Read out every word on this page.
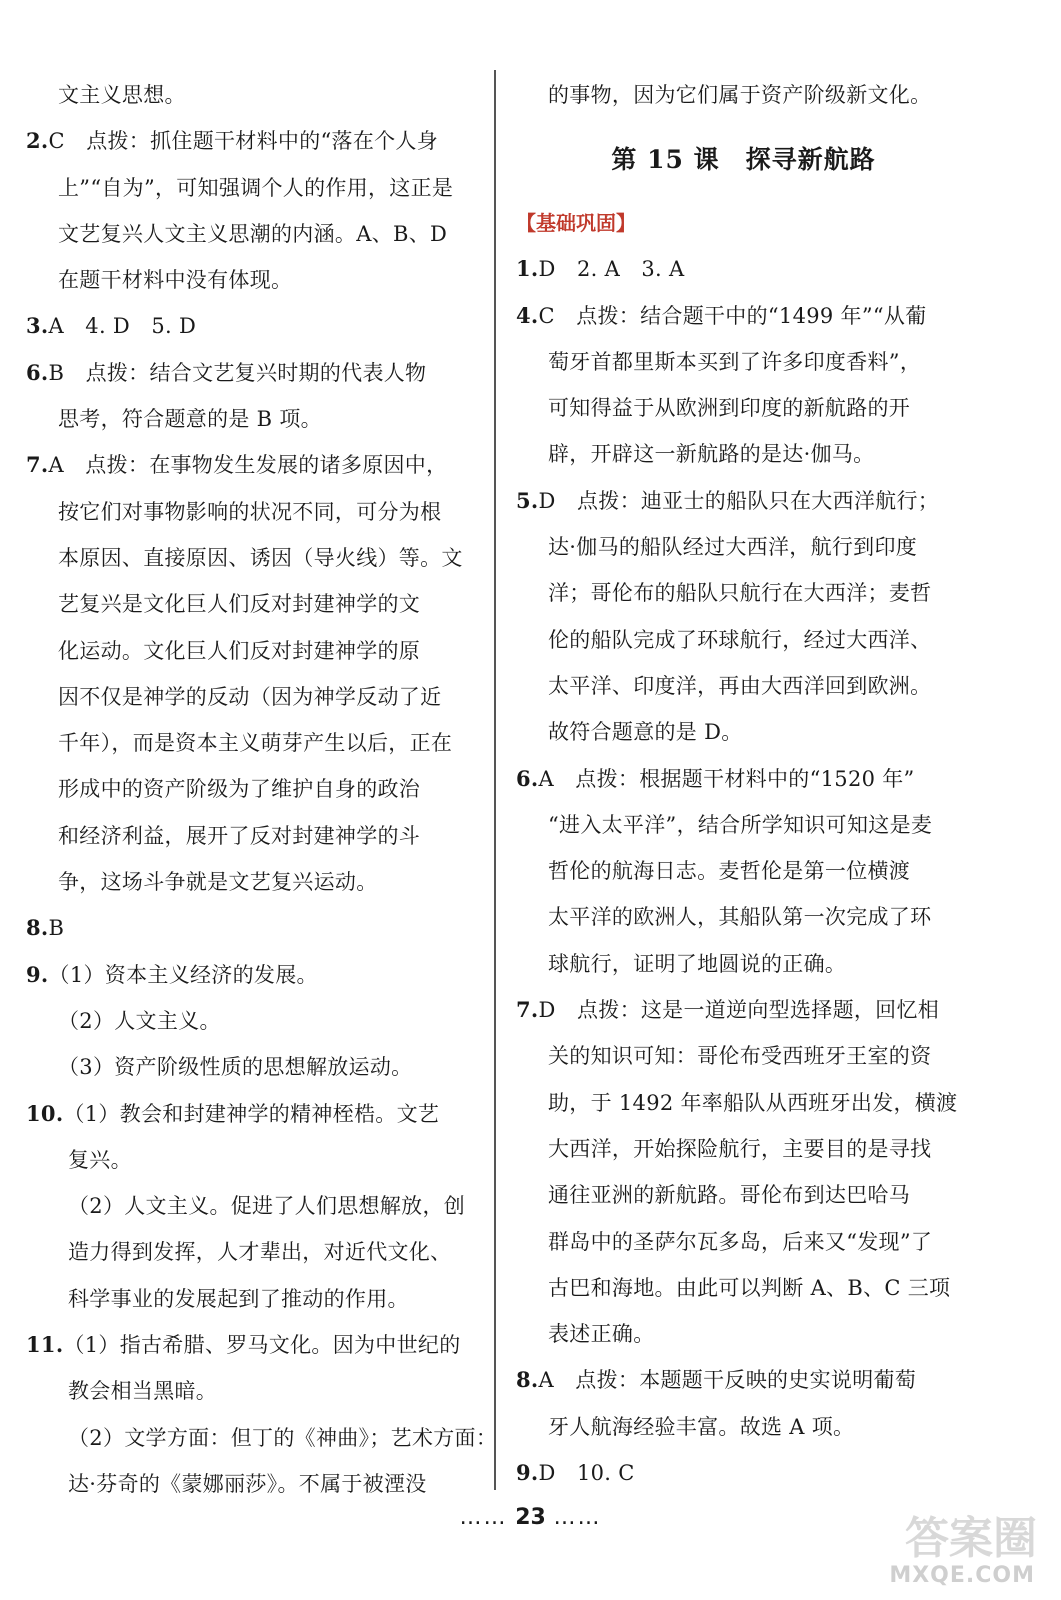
文主义思想。
2.C　点拨：抓住题干材料中的“落在个人身
上”“自为”，可知强调个人的作用，这正是
文艺复兴人文主义思潮的内涵。A、B、D
在题干材料中没有体现。
3.A　4. D　5. D
6.B　点拨：结合文艺复兴时期的代表人物
思考，符合题意的是 B 项。
7.A　点拨：在事物发生发展的诸多原因中，
按它们对事物影响的状况不同，可分为根
本原因、直接原因、诱因（导火线）等。文
艺复兴是文化巨人们反对封建神学的文
化运动。文化巨人们反对封建神学的原
因不仅是神学的反动（因为神学反动了近
千年），而是资本主义萌芽产生以后，正在
形成中的资产阶级为了维护自身的政治
和经济利益，展开了反对封建神学的斗
争，这场斗争就是文艺复兴运动。
8.B
9.（1）资本主义经济的发展。
（2）人文主义。
（3）资产阶级性质的思想解放运动。
10.（1）教会和封建神学的精神桎梏。文艺
复兴。
（2）人文主义。促进了人们思想解放，创
造力得到发挥，人才辈出，对近代文化、
科学事业的发展起到了推动的作用。
11.（1）指古希腊、罗马文化。因为中世纪的
教会相当黑暗。
（2）文学方面：但丁的《神曲》；艺术方面：
达·芬奇的《蒙娜丽莎》。不属于被湮没
的事物，因为它们属于资产阶级新文化。
第 15 课　探寻新航路
【基础巩固】
1.D　2. A　3. A
4.C　点拨：结合题干中的“1499 年”“从葡
萄牙首都里斯本买到了许多印度香料”，
可知得益于从欧洲到印度的新航路的开
辟，开辟这一新航路的是达·伽马。
5.D　点拨：迪亚士的船队只在大西洋航行；
达·伽马的船队经过大西洋，航行到印度
洋；哥伦布的船队只航行在大西洋；麦哲
伦的船队完成了环球航行，经过大西洋、
太平洋、印度洋，再由大西洋回到欧洲。
故符合题意的是 D。
6.A　点拨：根据题干材料中的“1520 年”
“进入太平洋”，结合所学知识可知这是麦
哲伦的航海日志。麦哲伦是第一位横渡
太平洋的欧洲人，其船队第一次完成了环
球航行，证明了地圆说的正确。
7.D　点拨：这是一道逆向型选择题，回忆相
关的知识可知：哥伦布受西班牙王室的资
助，于 1492 年率船队从西班牙出发，横渡
大西洋，开始探险航行，主要目的是寻找
通往亚洲的新航路。哥伦布到达巴哈马
群岛中的圣萨尔瓦多岛，后来又“发现”了
古巴和海地。由此可以判断 A、B、C 三项
表述正确。
8.A　点拨：本题题干反映的史实说明葡萄
牙人航海经验丰富。故选 A 项。
9.D　10. C
…… 23 ……	答案圈
MXQE.COM
